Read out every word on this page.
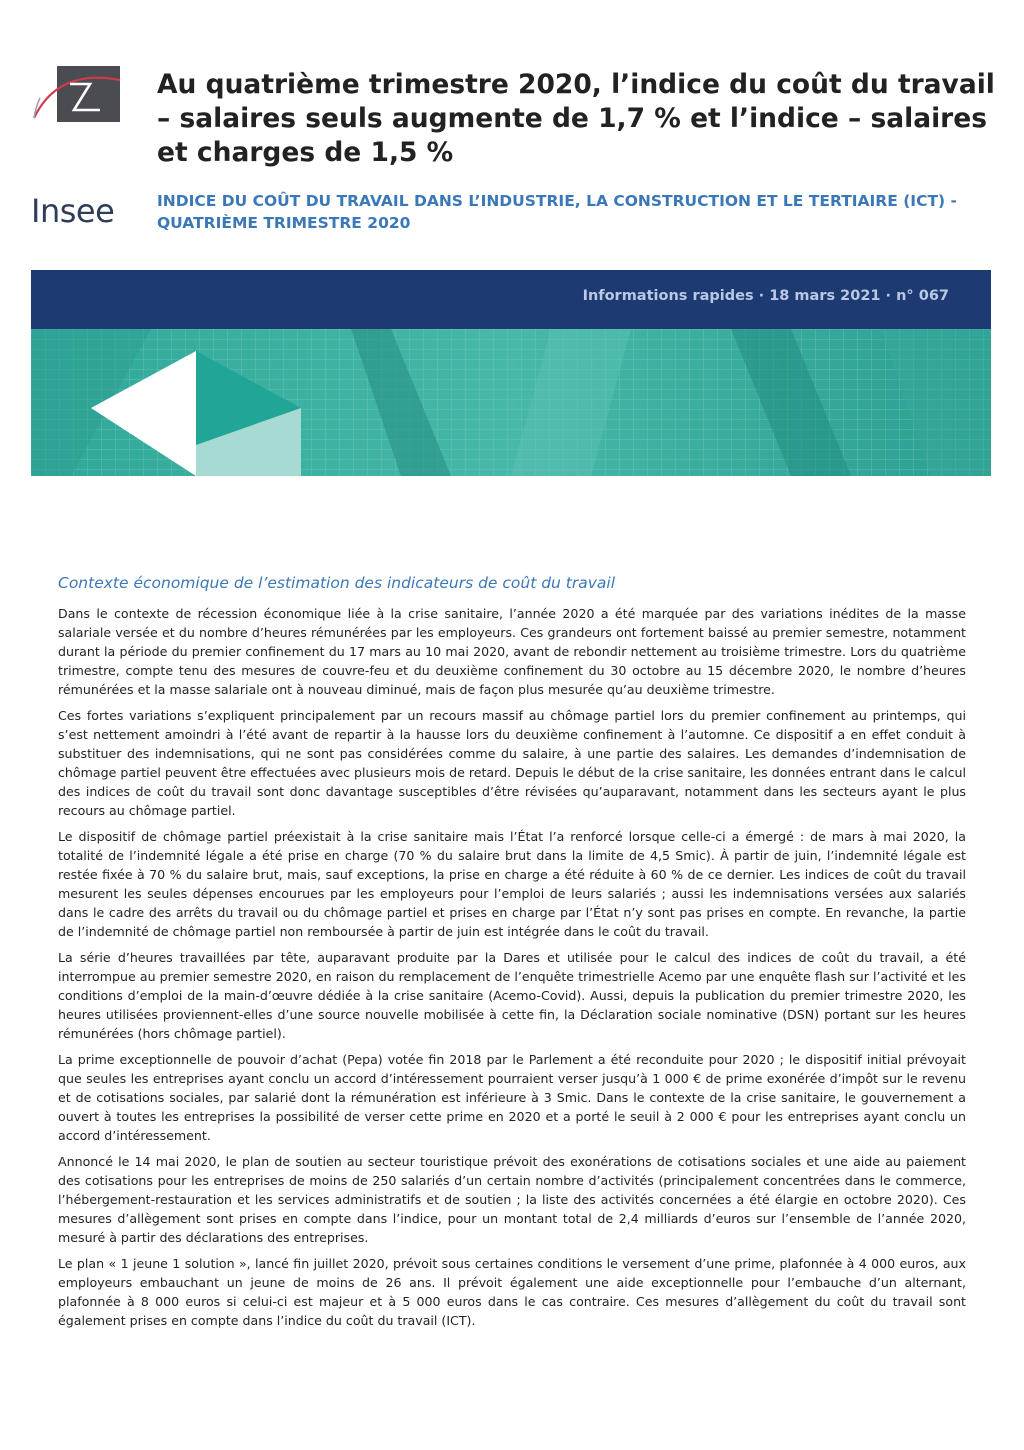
Insee
Au quatrième trimestre 2020, l’indice du coût du travail – salaires seuls augmente de 1,7 % et l’indice – salaires et charges de 1,5 %
INDICE DU COÛT DU TRAVAIL DANS L’INDUSTRIE, LA CONSTRUCTION ET LE TERTIAIRE (ICT) - QUATRIÈME TRIMESTRE 2020
Informations rapides · 18 mars 2021 · n° 067
Contexte économique de l’estimation des indicateurs de coût du travail

Dans le contexte de récession économique liée à la crise sanitaire, l’année 2020 a été marquée par des variations inédites de la masse salariale versée et du nombre d’heures rémunérées par les employeurs. Ces grandeurs ont fortement baissé au premier semestre, notamment durant la période du premier confinement du 17 mars au 10 mai 2020, avant de rebondir nettement au troisième trimestre. Lors du quatrième trimestre, compte tenu des mesures de couvre-feu et du deuxième confinement du 30 octobre au 15 décembre 2020, le nombre d’heures rémunérées et la masse salariale ont à nouveau diminué, mais de façon plus mesurée qu’au deuxième trimestre.

Ces fortes variations s’expliquent principalement par un recours massif au chômage partiel lors du premier confinement au printemps, qui s’est nettement amoindri à l’été avant de repartir à la hausse lors du deuxième confinement à l’automne. Ce dispositif a en effet conduit à substituer des indemnisations, qui ne sont pas considérées comme du salaire, à une partie des salaires. Les demandes d’indemnisation de chômage partiel peuvent être effectuées avec plusieurs mois de retard. Depuis le début de la crise sanitaire, les données entrant dans le calcul des indices de coût du travail sont donc davantage susceptibles d’être révisées qu’auparavant, notamment dans les secteurs ayant le plus recours au chômage partiel.

Le dispositif de chômage partiel préexistait à la crise sanitaire mais l’État l’a renforcé lorsque celle-ci a émergé : de mars à mai 2020, la totalité de l’indemnité légale a été prise en charge (70 % du salaire brut dans la limite de 4,5 Smic). À partir de juin, l’indemnité légale est restée fixée à 70 % du salaire brut, mais, sauf exceptions, la prise en charge a été réduite à 60 % de ce dernier. Les indices de coût du travail mesurent les seules dépenses encourues par les employeurs pour l’emploi de leurs salariés ; aussi les indemnisations versées aux salariés dans le cadre des arrêts du travail ou du chômage partiel et prises en charge par l’État n’y sont pas prises en compte. En revanche, la partie de l’indemnité de chômage partiel non remboursée à partir de juin est intégrée dans le coût du travail.

La série d’heures travaillées par tête, auparavant produite par la Dares et utilisée pour le calcul des indices de coût du travail, a été interrompue au premier semestre 2020, en raison du remplacement de l’enquête trimestrielle Acemo par une enquête flash sur l’activité et les conditions d’emploi de la main-d’œuvre dédiée à la crise sanitaire (Acemo-Covid). Aussi, depuis la publication du premier trimestre 2020, les heures utilisées proviennent-elles d’une source nouvelle mobilisée à cette fin, la Déclaration sociale nominative (DSN) portant sur les heures rémunérées (hors chômage partiel).

La prime exceptionnelle de pouvoir d’achat (Pepa) votée fin 2018 par le Parlement a été reconduite pour 2020 ; le dispositif initial prévoyait que seules les entreprises ayant conclu un accord d’intéressement pourraient verser jusqu’à 1 000 € de prime exonérée d’impôt sur le revenu et de cotisations sociales, par salarié dont la rémunération est inférieure à 3 Smic. Dans le contexte de la crise sanitaire, le gouvernement a ouvert à toutes les entreprises la possibilité de verser cette prime en 2020 et a porté le seuil à 2 000 € pour les entreprises ayant conclu un accord d’intéressement.

Annoncé le 14 mai 2020, le plan de soutien au secteur touristique prévoit des exonérations de cotisations sociales et une aide au paiement des cotisations pour les entreprises de moins de 250 salariés d’un certain nombre d’activités (principalement concentrées dans le commerce, l’hébergement-restauration et les services administratifs et de soutien ; la liste des activités concernées a été élargie en octobre 2020). Ces mesures d’allègement sont prises en compte dans l’indice, pour un montant total de 2,4 milliards d’euros sur l’ensemble de l’année 2020, mesuré à partir des déclarations des entreprises.

Le plan « 1 jeune 1 solution », lancé fin juillet 2020, prévoit sous certaines conditions le versement d’une prime, plafonnée à 4 000 euros, aux employeurs embauchant un jeune de moins de 26 ans. Il prévoit également une aide exceptionnelle pour l’embauche d’un alternant, plafonnée à 8 000 euros si celui-ci est majeur et à 5 000 euros dans le cas contraire. Ces mesures d’allègement du coût du travail sont également prises en compte dans l’indice du coût du travail (ICT).
